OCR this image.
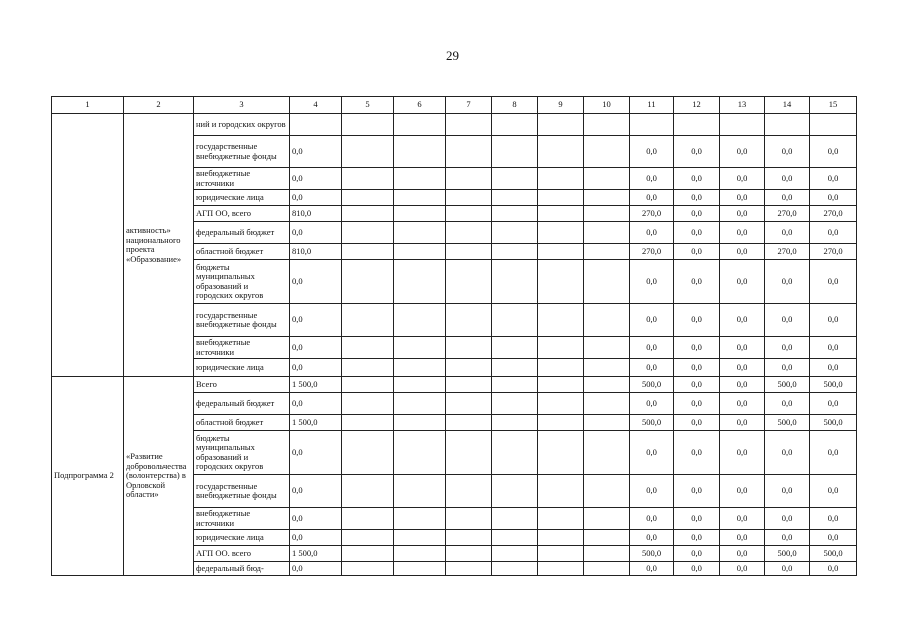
29
1	2	3	4	5	6	7	8	9	10	11	12	13	14	15
	активность» национального проекта «Образование»	ний и городских округов												
		государственные внебюджетные фонды	0,0							0,0	0,0	0,0	0,0	0,0
		внебюджетные источники	0,0							0,0	0,0	0,0	0,0	0,0
		юридические лица	0,0							0,0	0,0	0,0	0,0	0,0
		АГП ОО, всего	810,0							270,0	0,0	0,0	270,0	270,0
		федеральный бюджет	0,0							0,0	0,0	0,0	0,0	0,0
		областной бюджет	810,0							270,0	0,0	0,0	270,0	270,0
		бюджеты муниципальных образований и городских округов	0,0							0,0	0,0	0,0	0,0	0,0
		государственные внебюджетные фонды	0,0							0,0	0,0	0,0	0,0	0,0
		внебюджетные источники	0,0							0,0	0,0	0,0	0,0	0,0
		юридические лица	0,0							0,0	0,0	0,0	0,0	0,0
Подпрограмма 2	«Развитие добровольчества (волонтерства) в Орловской области»	Всего	1 500,0							500,0	0,0	0,0	500,0	500,0
		федеральный бюджет	0,0							0,0	0,0	0,0	0,0	0,0
		областной бюджет	1 500,0							500,0	0,0	0,0	500,0	500,0
		бюджеты муниципальных образований и городских округов	0,0							0,0	0,0	0,0	0,0	0,0
		государственные внебюджетные фонды	0,0							0,0	0,0	0,0	0,0	0,0
		внебюджетные источники	0,0							0,0	0,0	0,0	0,0	0,0
		юридические лица	0,0							0,0	0,0	0,0	0,0	0,0
		АГП ОО. всего	1 500,0							500,0	0,0	0,0	500,0	500,0
		федеральный бюд-	0,0							0,0	0,0	0,0	0,0	0,0
